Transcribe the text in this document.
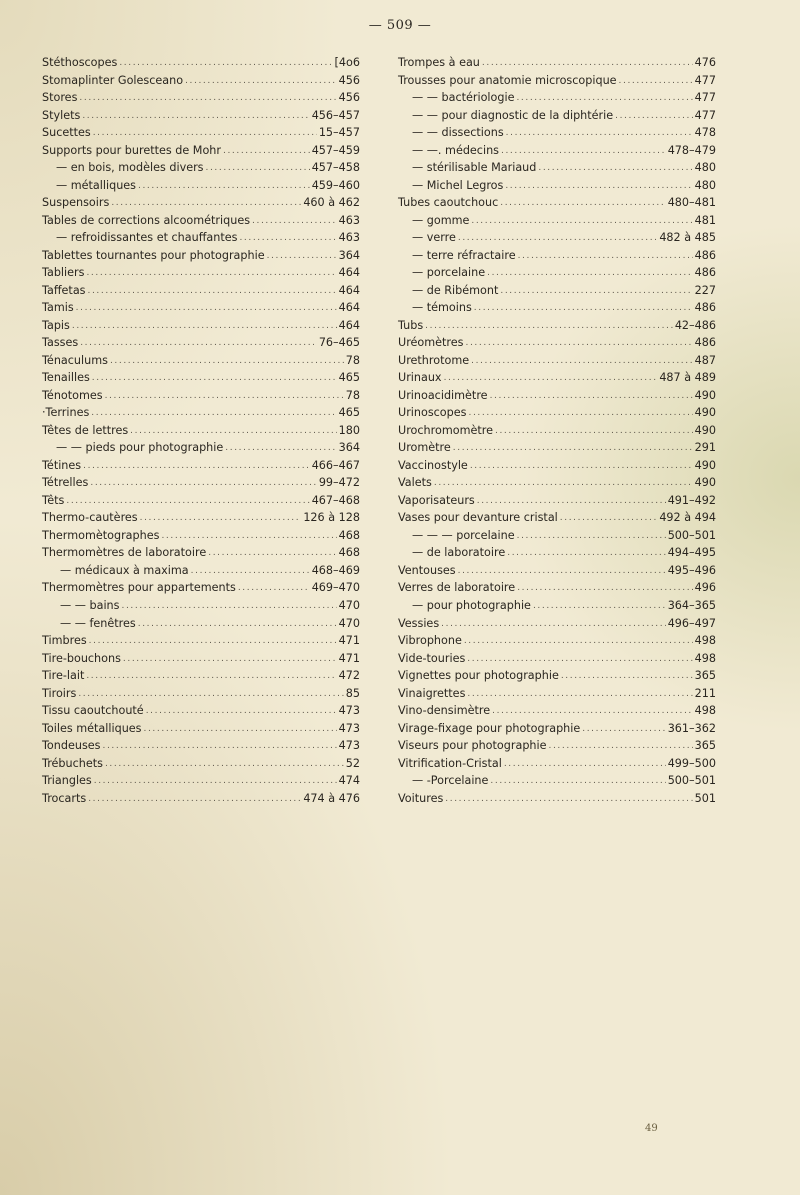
— 509 —
Stéthoscopes .....	[4o6
Stomaplinter Golesceano .....	456
Stores .....	456
Stylets .....	456–457
Sucettes .....	15–457
Supports pour burettes de Mohr .....	457–459
— en bois, modèles divers .....	457–458
— métalliques .....	459–460
Suspensoirs .....	460 à 462
Tables de corrections alcoométriques .....	463
— refroidissantes et chauffantes .....	463
Tablettes tournantes pour photographie .....	364
Tabliers .....	464
Taffetas .....	464
Tamis .....	464
Tapis .....	464
Tasses .....	76–465
Ténaculums .....	78
Tenailles .....	465
Ténotomes .....	78
·Terrines .....	465
Têtes de lettres .....	180
— — pieds pour photographie .....	364
Tétines .....	466–467
Tétrelles .....	99–472
Têts .....	467–468
Thermo-cautères .....	126 à 128
Thermomètographes .....	468
Thermomètres de laboratoire .....	468
— médicaux à maxima .....	468–469
Thermomètres pour appartements .....	469–470
— — bains .....	470
— — fenêtres .....	470
Timbres .....	471
Tire-bouchons .....	471
Tire-lait .....	472
Tiroirs .....	85
Tissu caoutchouté .....	473
Toiles métalliques .....	473
Tondeuses .....	473
Trébuchets .....	52
Triangles .....	474
Trocarts .....	474 à 476
Trompes à eau .....	476
Trousses pour anatomie microscopique .....	477
— — bactériologie .....	477
— — pour diagnostic de la diphtérie .....	477
— — dissections .....	478
— —. médecins .....	478–479
— stérilisable Mariaud .....	480
— Michel Legros .....	480
Tubes caoutchouc .....	480–481
— gomme .....	481
— verre .....	482 à 485
— terre réfractaire .....	486
— porcelaine .....	486
— de Ribémont .....	227
— témoins .....	486
Tubs .....	42–486
Uréomètres .....	486
Urethrotome .....	487
Urinaux .....	487 à 489
Urinoacidimètre .....	490
Urinoscopes .....	490
Urochromomètre .....	490
Uromètre .....	291
Vaccinostyle .....	490
Valets .....	490
Vaporisateurs .....	491–492
Vases pour devanture cristal .....	492 à 494
— — — porcelaine .....	500–501
— de laboratoire .....	494–495
Ventouses .....	495–496
Verres de laboratoire .....	496
— pour photographie .....	364–365
Vessies .....	496–497
Vibrophone .....	498
Vide-touries .....	498
Vignettes pour photographie .....	365
Vinaigrettes .....	211
Vino-densimètre .....	498
Virage-fixage pour photographie .....	361–362
Viseurs pour photographie .....	365
Vitrification-Cristal .....	499–500
— -Porcelaine .....	500–501
Voitures .....	501
49
